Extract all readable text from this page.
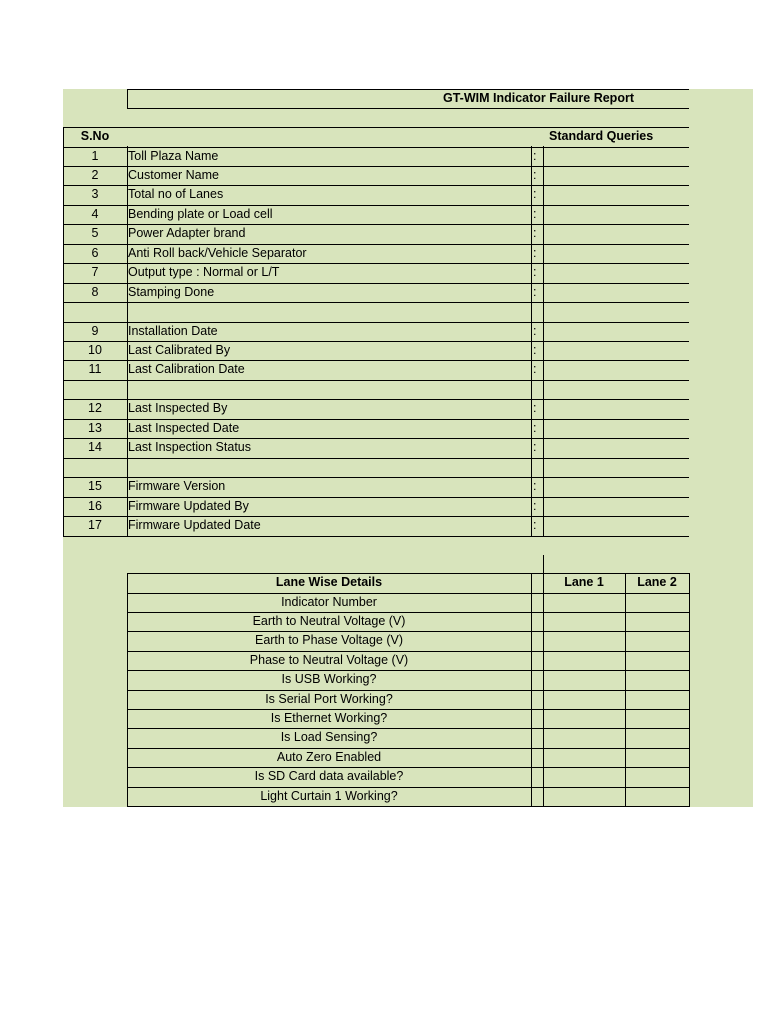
GT-WIM Indicator Failure Report
S.No	Standard Queries
1	Toll Plaza Name	:
2	Customer Name	:
3	Total no of Lanes	:
4	Bending plate or Load cell	:
5	Power Adapter brand	:
6	Anti Roll back/Vehicle Separator	:
7	Output type : Normal or L/T	:
8	Stamping Done	:
9	Installation Date	:
10	Last Calibrated By	:
11	Last Calibration Date	:
12	Last Inspected By	:
13	Last Inspected Date	:
14	Last Inspection Status	:
15	Firmware Version	:
16	Firmware Updated By	:
17	Firmware Updated Date	:
Lane Wise Details	Lane 1	Lane 2
Indicator Number
Earth to Neutral Voltage (V)
Earth to Phase Voltage (V)
Phase to Neutral Voltage (V)
Is USB Working?
Is Serial Port Working?
Is Ethernet Working?
Is Load Sensing?
Auto Zero Enabled
Is SD Card data available?
Light Curtain 1 Working?
